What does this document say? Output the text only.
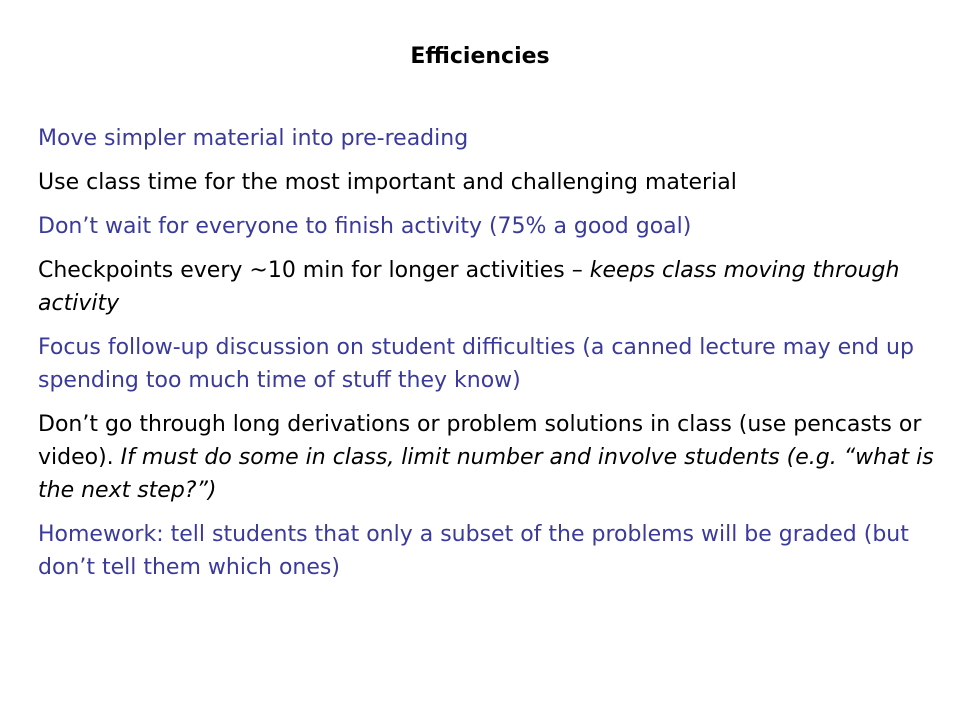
Efficiencies
Move simpler material into pre-reading
Use class time for the most important and challenging material
Don’t wait for everyone to finish activity (75% a good goal)
Checkpoints every ~10 min for longer activities – keeps class moving through activity
Focus follow-up discussion on student difficulties (a canned lecture may end up spending too much time of stuff they know)
Don’t go through long derivations or problem solutions in class (use pencasts or video). If must do some in class, limit number and involve students (e.g. “what is the next step?”)
Homework: tell students that only a subset of the problems will be graded (but don’t tell them which ones)
